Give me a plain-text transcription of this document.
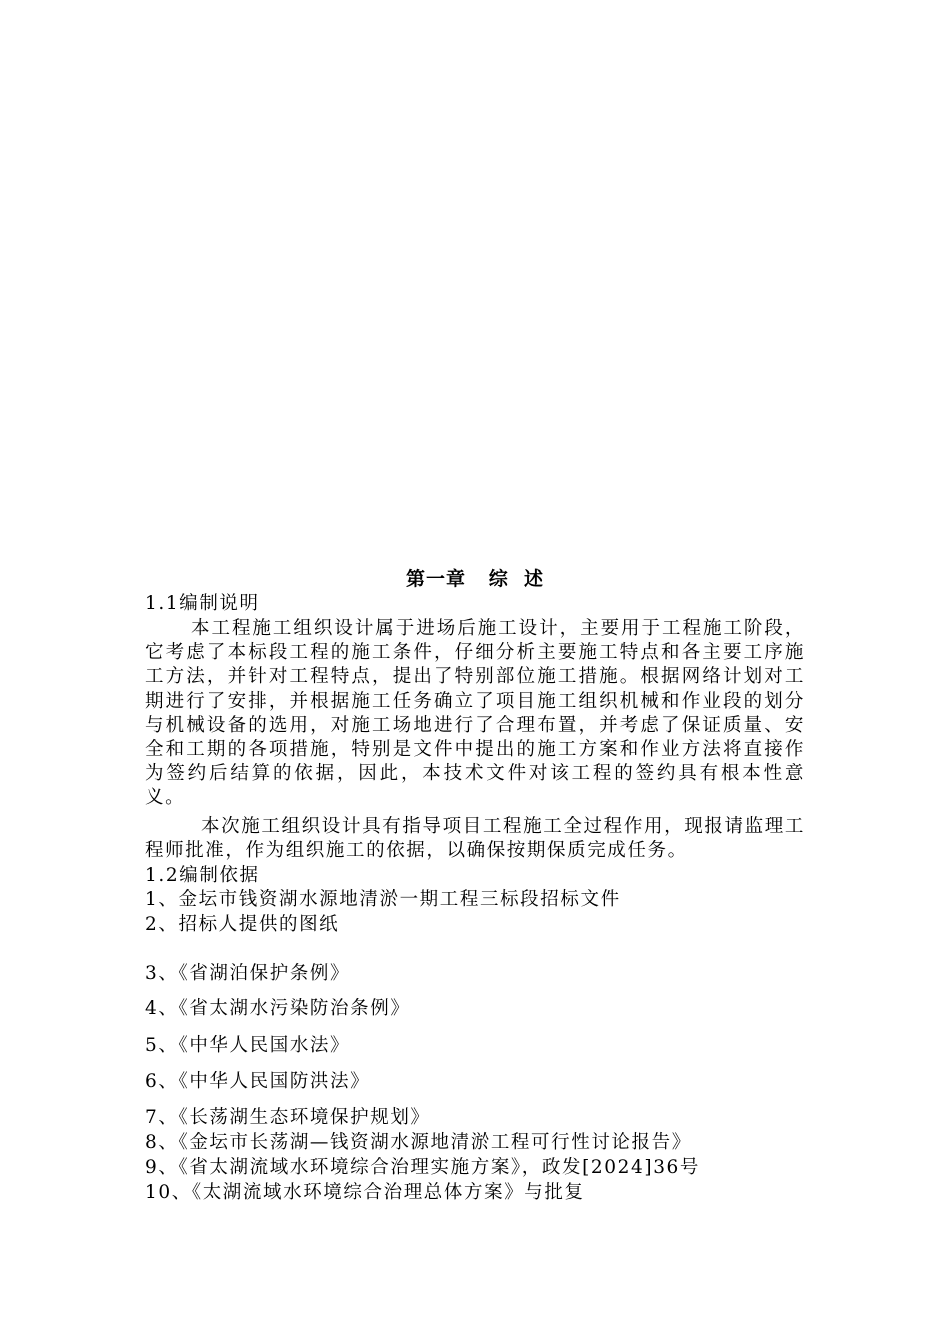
第一章   综  述
1.1编制说明
本工程施工组织设计属于进场后施工设计，主要用于工程施工阶段，它考虑了本标段工程的施工条件，仔细分析主要施工特点和各主要工序施工方法，并针对工程特点，提出了特别部位施工措施。根据网络计划对工期进行了安排，并根据施工任务确立了项目施工组织机械和作业段的划分与机械设备的选用，对施工场地进行了合理布置，并考虑了保证质量、安全和工期的各项措施，特别是文件中提出的施工方案和作业方法将直接作为签约后结算的依据，因此，本技术文件对该工程的签约具有根本性意义。
本次施工组织设计具有指导项目工程施工全过程作用，现报请监理工程师批准，作为组织施工的依据，以确保按期保质完成任务。
1.2编制依据
1、金坛市钱资湖水源地清淤一期工程三标段招标文件
2、招标人提供的图纸
3、《省湖泊保护条例》
4、《省太湖水污染防治条例》
5、《中华人民国水法》
6、《中华人民国防洪法》
7、《长荡湖生态环境保护规划》
8、《金坛市长荡湖—钱资湖水源地清淤工程可行性讨论报告》
9、《省太湖流域水环境综合治理实施方案》，政发[2024]36号
10、《太湖流域水环境综合治理总体方案》与批复
